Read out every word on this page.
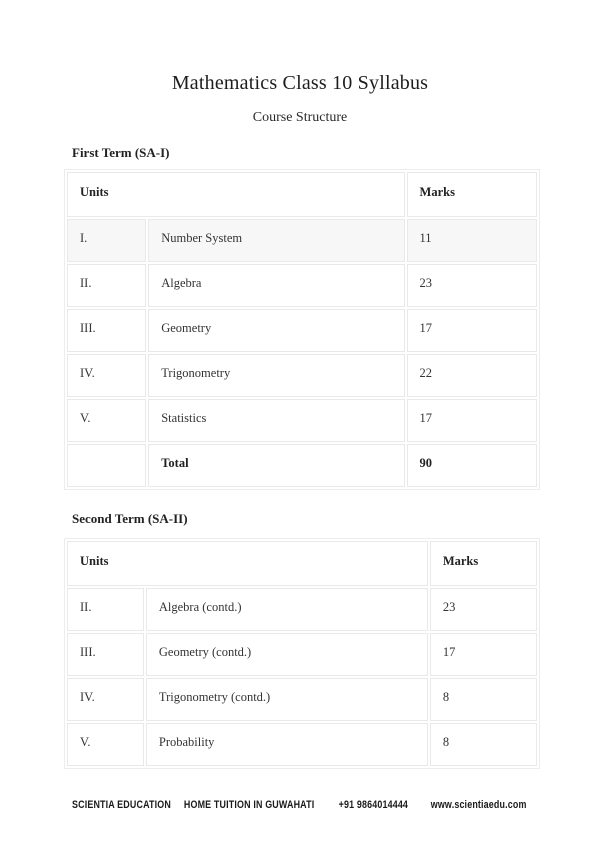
Mathematics Class 10 Syllabus
Course Structure
First Term (SA-I)
Units		Marks
I.	Number System	11
II.	Algebra	23
III.	Geometry	17
IV.	Trigonometry	22
V.	Statistics	17
	Total	90
Second Term (SA-II)
Units		Marks
II.	Algebra (contd.)	23
III.	Geometry (contd.)	17
IV.	Trigonometry (contd.)	8
V.	Probability	8
SCIENTIA EDUCATION HOME TUITION IN GUWAHATI +91 9864014444 www.scientiaedu.com
